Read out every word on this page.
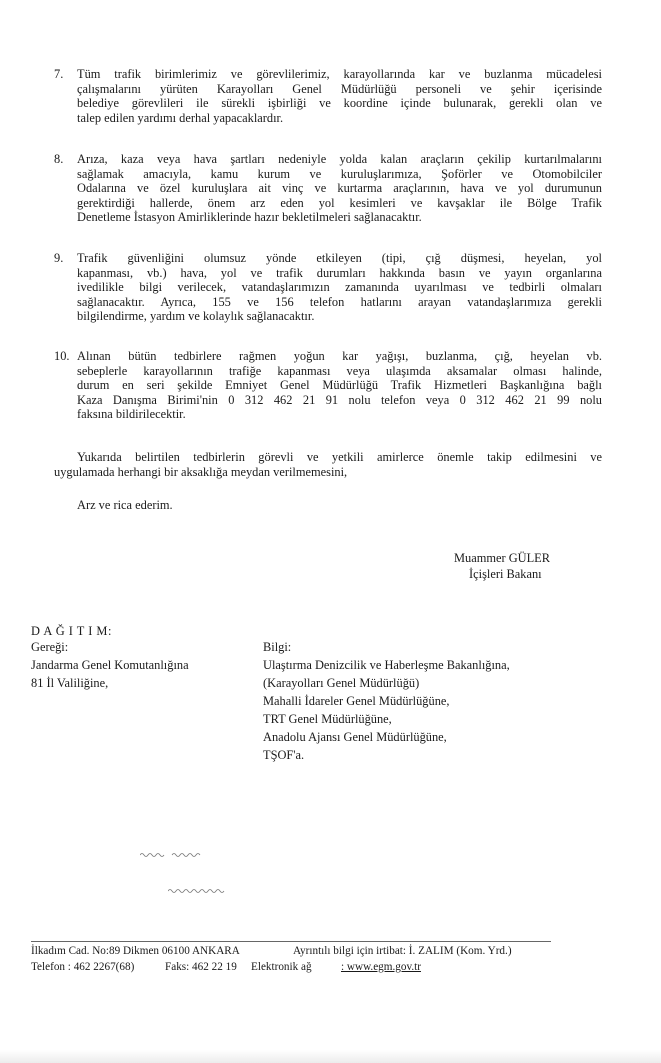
7. Tüm trafik birimlerimiz ve görevlilerimiz, karayollarında kar ve buzlanma mücadelesi
çalışmalarını yürüten Karayolları Genel Müdürlüğü personeli ve şehir içerisinde
belediye görevlileri ile sürekli işbirliği ve koordine içinde bulunarak, gerekli olan ve
talep edilen yardımı derhal yapacaklardır.
8. Arıza, kaza veya hava şartları nedeniyle yolda kalan araçların çekilip kurtarılmalarını
sağlamak amacıyla, kamu kurum ve kuruluşlarımıza, Şoförler ve Otomobilciler
Odalarına ve özel kuruluşlara ait vinç ve kurtarma araçlarının, hava ve yol durumunun
gerektirdiği hallerde, önem arz eden yol kesimleri ve kavşaklar ile Bölge Trafik
Denetleme İstasyon Amirliklerinde hazır bekletilmeleri sağlanacaktır.
9. Trafik güvenliğini olumsuz yönde etkileyen (tipi, çığ düşmesi, heyelan, yol
kapanması, vb.) hava, yol ve trafik durumları hakkında basın ve yayın organlarına
ivedilikle bilgi verilecek, vatandaşlarımızın zamanında uyarılması ve tedbirli olmaları
sağlanacaktır. Ayrıca, 155 ve 156 telefon hatlarını arayan vatandaşlarımıza gerekli
bilgilendirme, yardım ve kolaylık sağlanacaktır.
10. Alınan bütün tedbirlere rağmen yoğun kar yağışı, buzlanma, çığ, heyelan vb.
sebeplerle karayollarının trafiğe kapanması veya ulaşımda aksamalar olması halinde,
durum en seri şekilde Emniyet Genel Müdürlüğü Trafik Hizmetleri Başkanlığına bağlı
Kaza Danışma Birimi'nin 0 312 462 21 91 nolu telefon veya 0 312 462 21 99 nolu
faksına bildirilecektir.
Yukarıda belirtilen tedbirlerin görevli ve yetkili amirlerce önemle takip edilmesini ve
uygulamada herhangi bir aksaklığa meydan verilmemesini,
Arz ve rica ederim.
Muammer GÜLER
İçişleri Bakanı
D A Ğ I T I M:
Gereği:
Jandarma Genel Komutanlığına
81 İl Valiliğine,
Bilgi:
Ulaştırma Denizcilik ve Haberleşme Bakanlığına,
(Karayolları Genel Müdürlüğü)
Mahalli İdareler Genel Müdürlüğüne,
TRT Genel Müdürlüğüne,
Anadolu Ajansı Genel Müdürlüğüne,
TŞOF'a.
İlkadım Cad. No:89 Dikmen 06100 ANKARA	Ayrıntılı bilgi için irtibat: İ. ZALIM (Kom. Yrd.)
Telefon : 462 2267(68)	Faks: 462 22 19 Elektronik ağ	: www.egm.gov.tr
